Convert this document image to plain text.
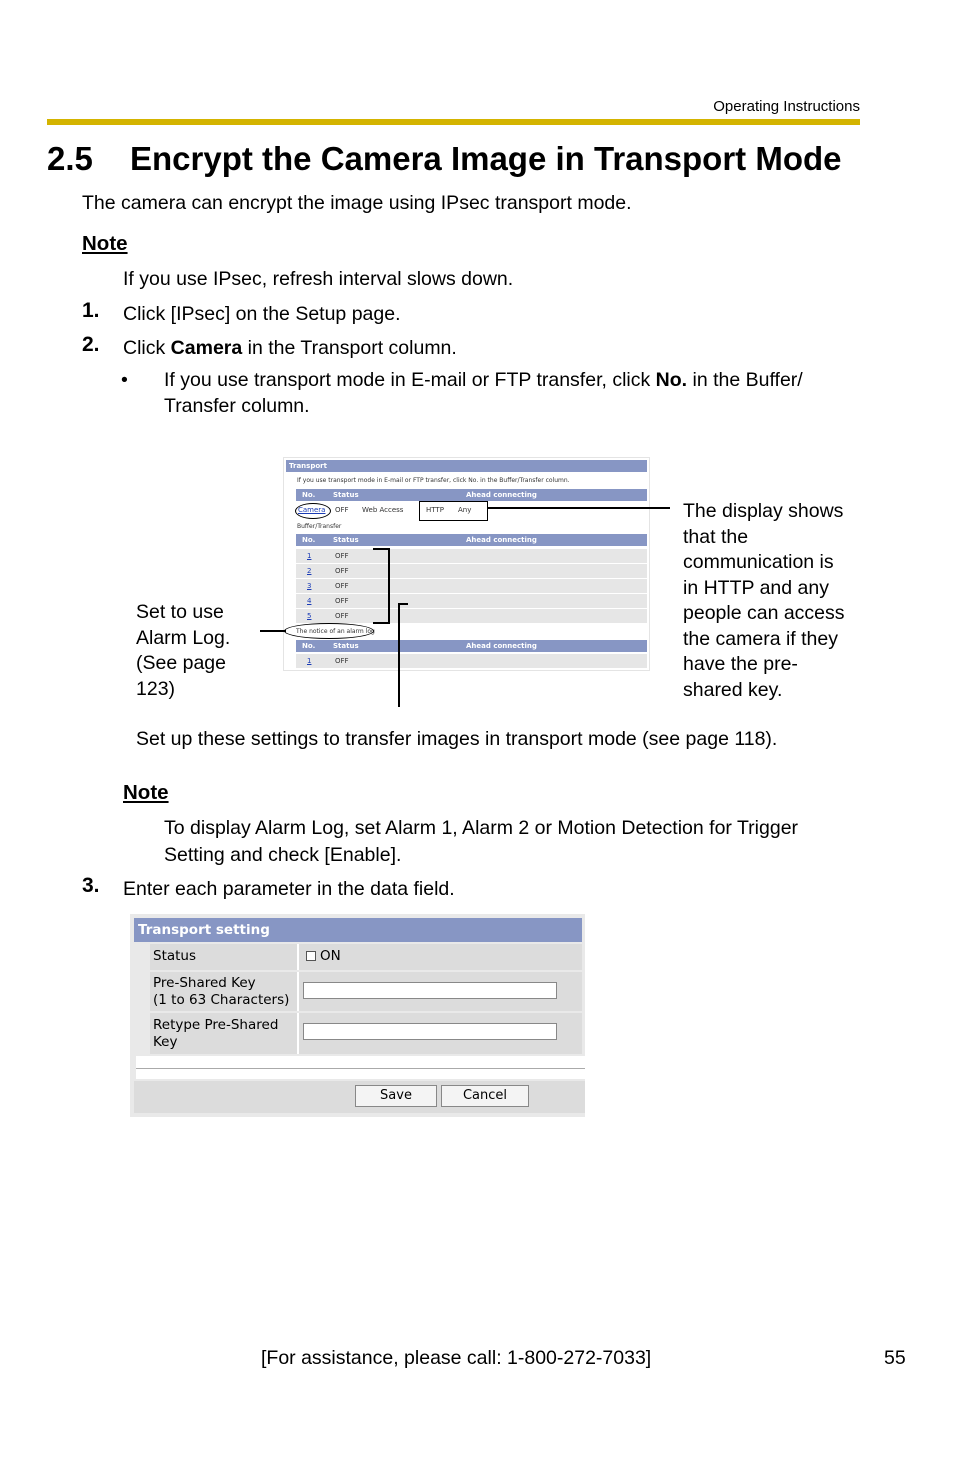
Operating Instructions
2.5 Encrypt the Camera Image in Transport Mode
The camera can encrypt the image using IPsec transport mode.
Note
If you use IPsec, refresh interval slows down.
1. Click [IPsec] on the Setup page.
2. Click Camera in the Transport column.
• If you use transport mode in E-mail or FTP transfer, click No. in the Buffer/
Transfer column.
Transport
If you use transport mode in E-mail or FTP transfer, click No. in the Buffer/Transfer column.
No.	Status	Ahead connecting
Camera OFF Web Access	HTTP Any
Buffer/Transfer
No.	Status	Ahead connecting
1	OFF
2	OFF
3	OFF
4	OFF
5	OFF
The notice of an alarm log
No.	Status	Ahead connecting
1	OFF
The display shows
that the
communication is
in HTTP and any
people can access
the camera if they
have the pre-
shared key.
Set to use
Alarm Log.
(See page
123)
Set up these settings to transfer images in transport mode (see page 118).
Note
To display Alarm Log, set Alarm 1, Alarm 2 or Motion Detection for Trigger
Setting and check [Enable].
3. Enter each parameter in the data field.
Transport setting
Status	ON
Pre-Shared Key
(1 to 63 Characters)
Retype Pre-Shared
Key
Save	Cancel
[For assistance, please call: 1-800-272-7033]	55
